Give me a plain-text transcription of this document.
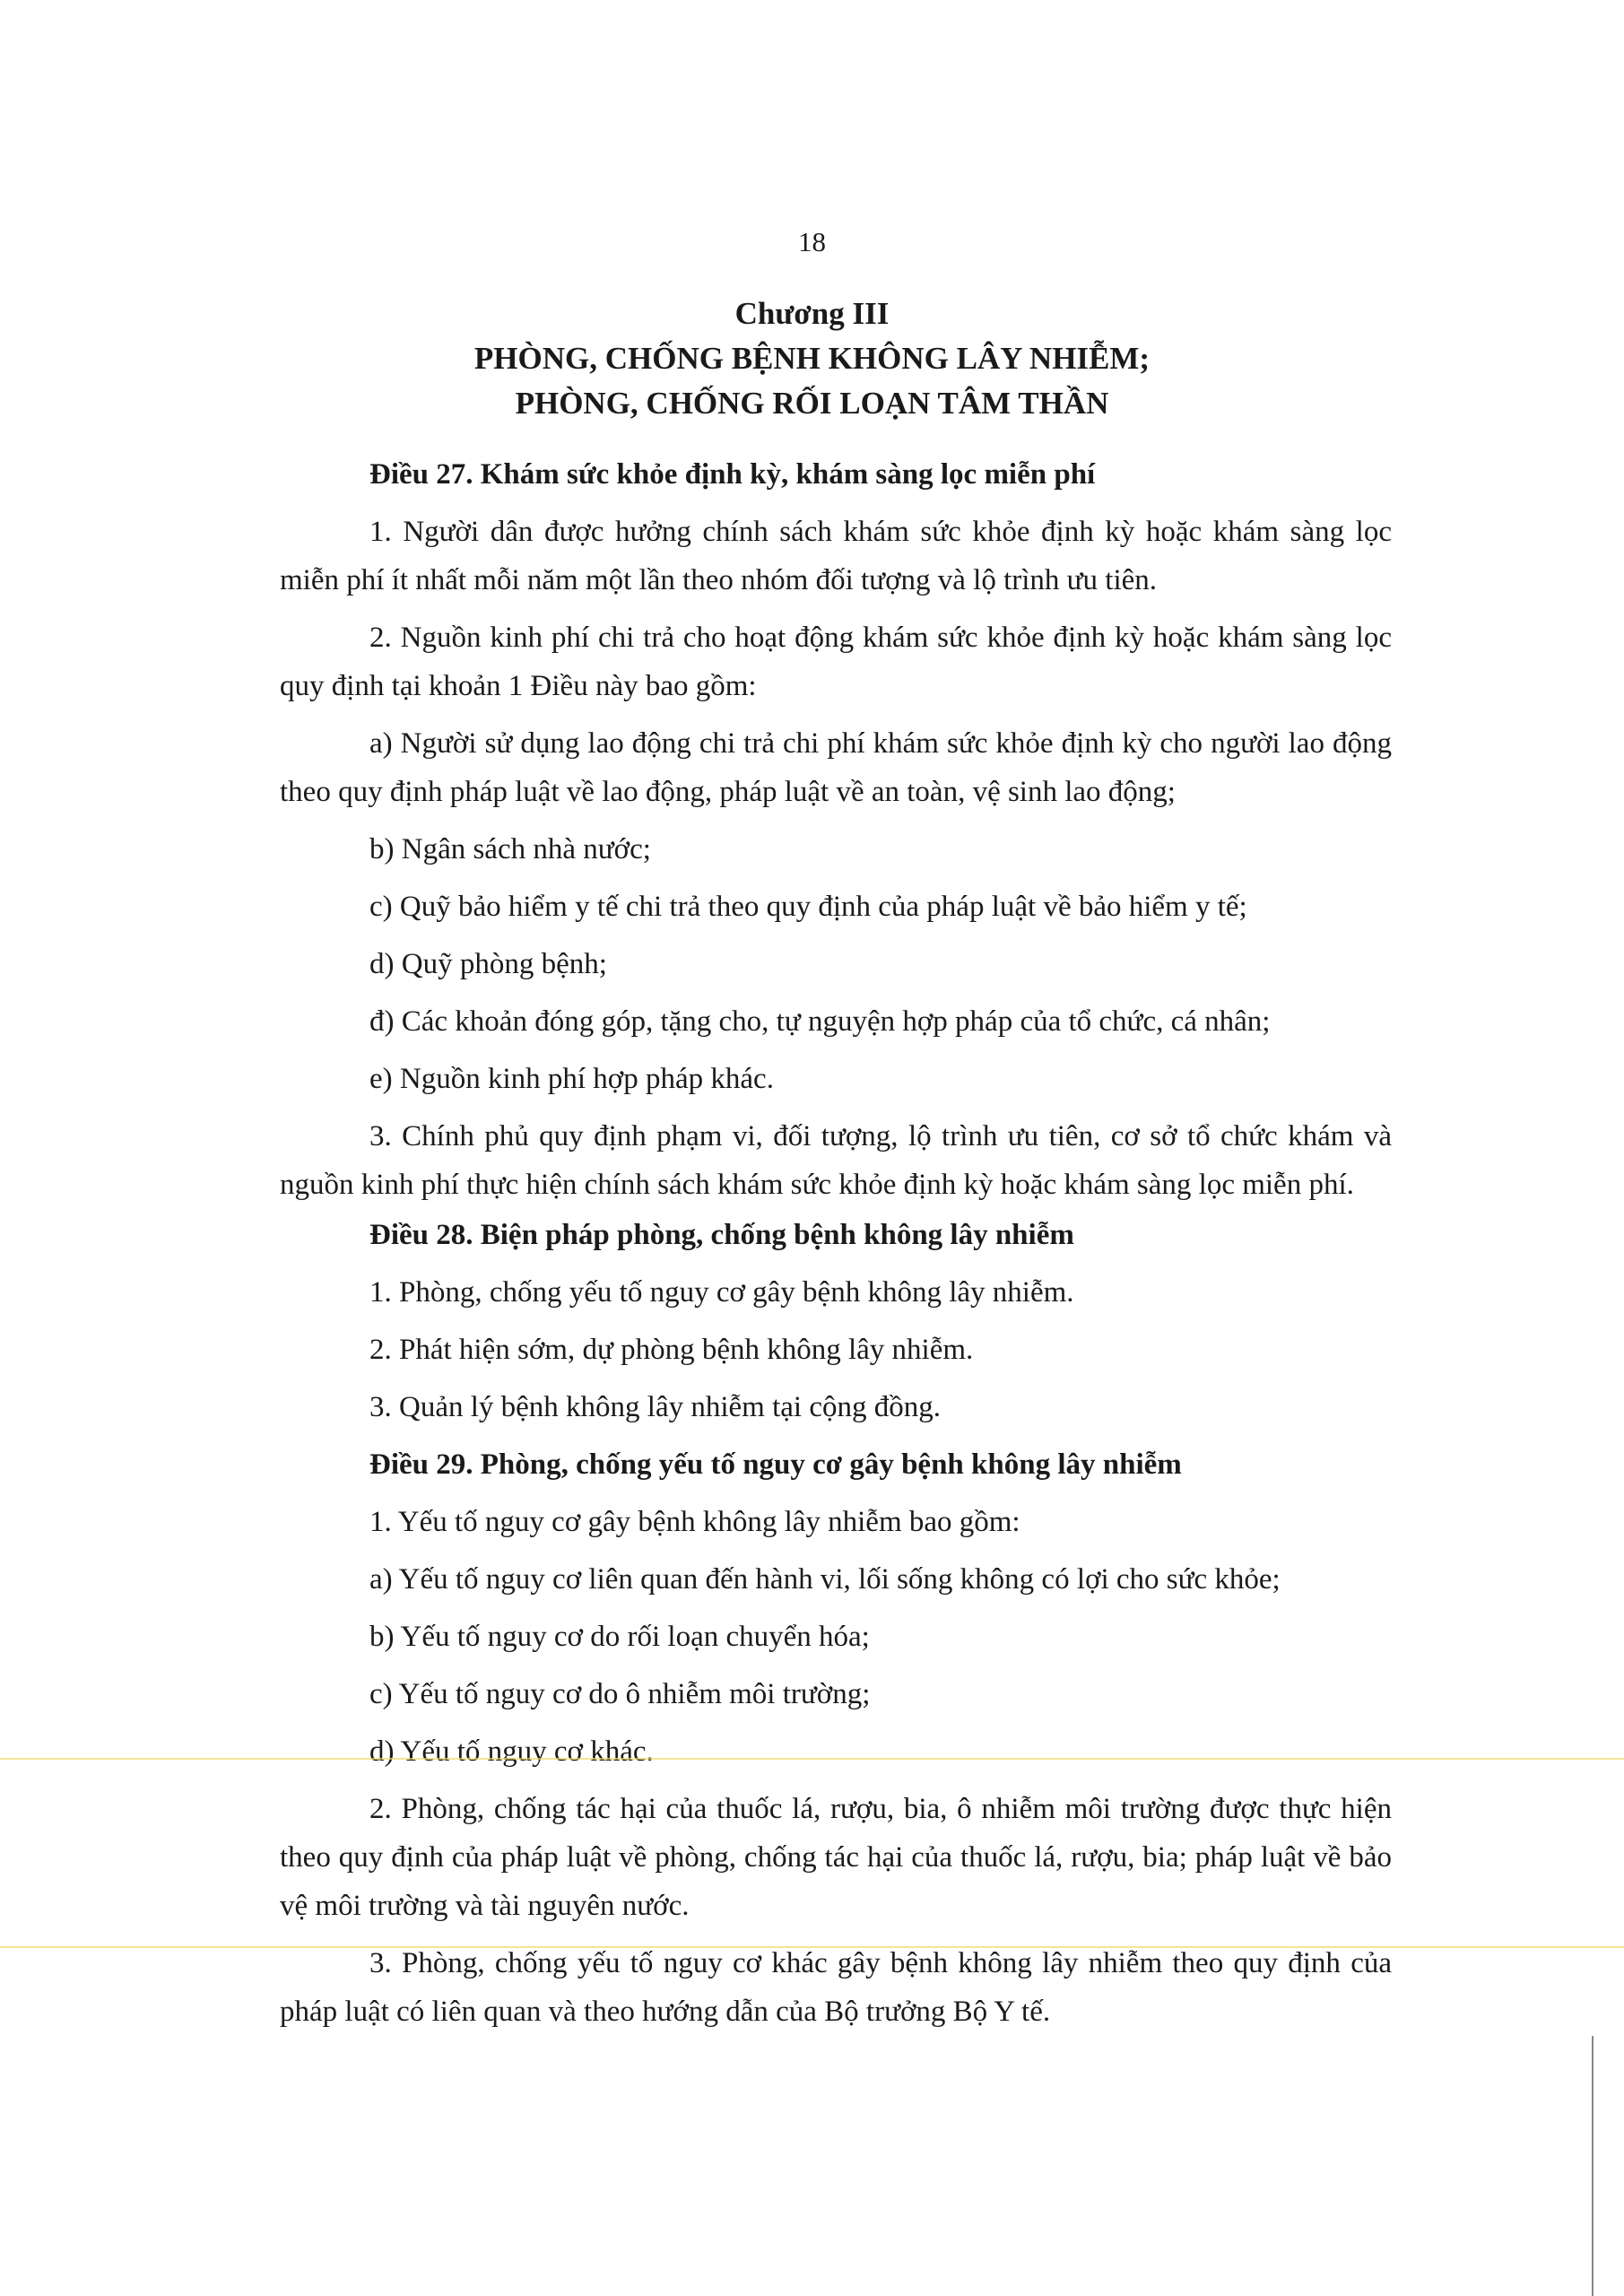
18
Chương III
PHÒNG, CHỐNG BỆNH KHÔNG LÂY NHIỄM;
PHÒNG, CHỐNG RỐI LOẠN TÂM THẦN
Điều 27. Khám sức khỏe định kỳ, khám sàng lọc miễn phí

1. Người dân được hưởng chính sách khám sức khỏe định kỳ hoặc khám sàng lọc miễn phí ít nhất mỗi năm một lần theo nhóm đối tượng và lộ trình ưu tiên.

2. Nguồn kinh phí chi trả cho hoạt động khám sức khỏe định kỳ hoặc khám sàng lọc quy định tại khoản 1 Điều này bao gồm:

a) Người sử dụng lao động chi trả chi phí khám sức khỏe định kỳ cho người lao động theo quy định pháp luật về lao động, pháp luật về an toàn, vệ sinh lao động;

b) Ngân sách nhà nước;
c) Quỹ bảo hiểm y tế chi trả theo quy định của pháp luật về bảo hiểm y tế;
d) Quỹ phòng bệnh;
đ) Các khoản đóng góp, tặng cho, tự nguyện hợp pháp của tổ chức, cá nhân;
e) Nguồn kinh phí hợp pháp khác.

3. Chính phủ quy định phạm vi, đối tượng, lộ trình ưu tiên, cơ sở tổ chức khám và nguồn kinh phí thực hiện chính sách khám sức khỏe định kỳ hoặc khám sàng lọc miễn phí.

Điều 28. Biện pháp phòng, chống bệnh không lây nhiễm
1. Phòng, chống yếu tố nguy cơ gây bệnh không lây nhiễm.
2. Phát hiện sớm, dự phòng bệnh không lây nhiễm.
3. Quản lý bệnh không lây nhiễm tại cộng đồng.
Điều 29. Phòng, chống yếu tố nguy cơ gây bệnh không lây nhiễm
1. Yếu tố nguy cơ gây bệnh không lây nhiễm bao gồm:
a) Yếu tố nguy cơ liên quan đến hành vi, lối sống không có lợi cho sức khỏe;
b) Yếu tố nguy cơ do rối loạn chuyển hóa;
c) Yếu tố nguy cơ do ô nhiễm môi trường;
d) Yếu tố nguy cơ khác.

2. Phòng, chống tác hại của thuốc lá, rượu, bia, ô nhiễm môi trường được thực hiện theo quy định của pháp luật về phòng, chống tác hại của thuốc lá, rượu, bia; pháp luật về bảo vệ môi trường và tài nguyên nước.

3. Phòng, chống yếu tố nguy cơ khác gây bệnh không lây nhiễm theo quy định của pháp luật có liên quan và theo hướng dẫn của Bộ trưởng Bộ Y tế.
